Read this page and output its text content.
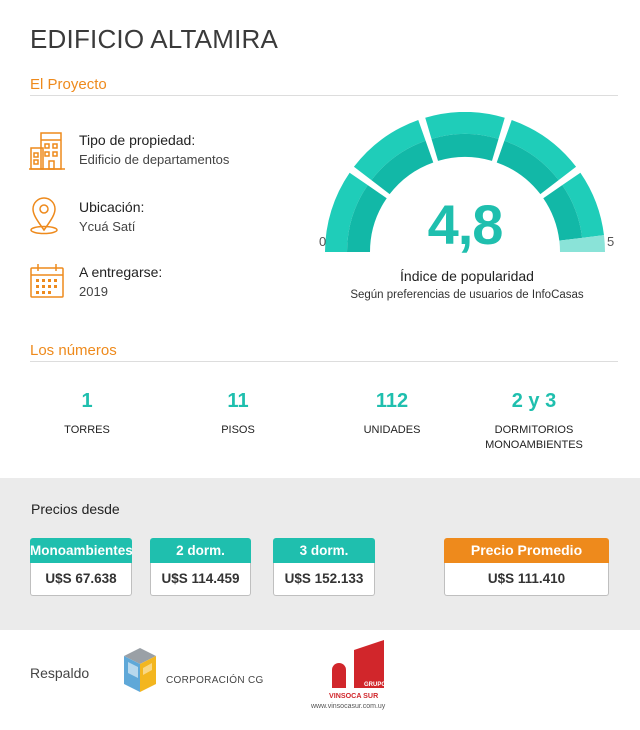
EDIFICIO ALTAMIRA
El Proyecto
Tipo de propiedad:
Edificio de departamentos
Ubicación:
Ycuá Satí
A entregarse:
2019
0	5
4,8
Índice de popularidad
Según preferencias de usuarios de InfoCasas
Los números
1
TORRES
11
PISOS
112
UNIDADES
2 y 3
DORMITORIOS
MONOAMBIENTES
Precios desde
Monoambientes
U$S 67.638
2 dorm.
U$S 114.459
3 dorm.
U$S 152.133
Precio Promedio
U$S 111.410
Respaldo	CORPORACIÓN CG	GRUPO
VINSOCA SUR
www.vinsocasur.com.uy
